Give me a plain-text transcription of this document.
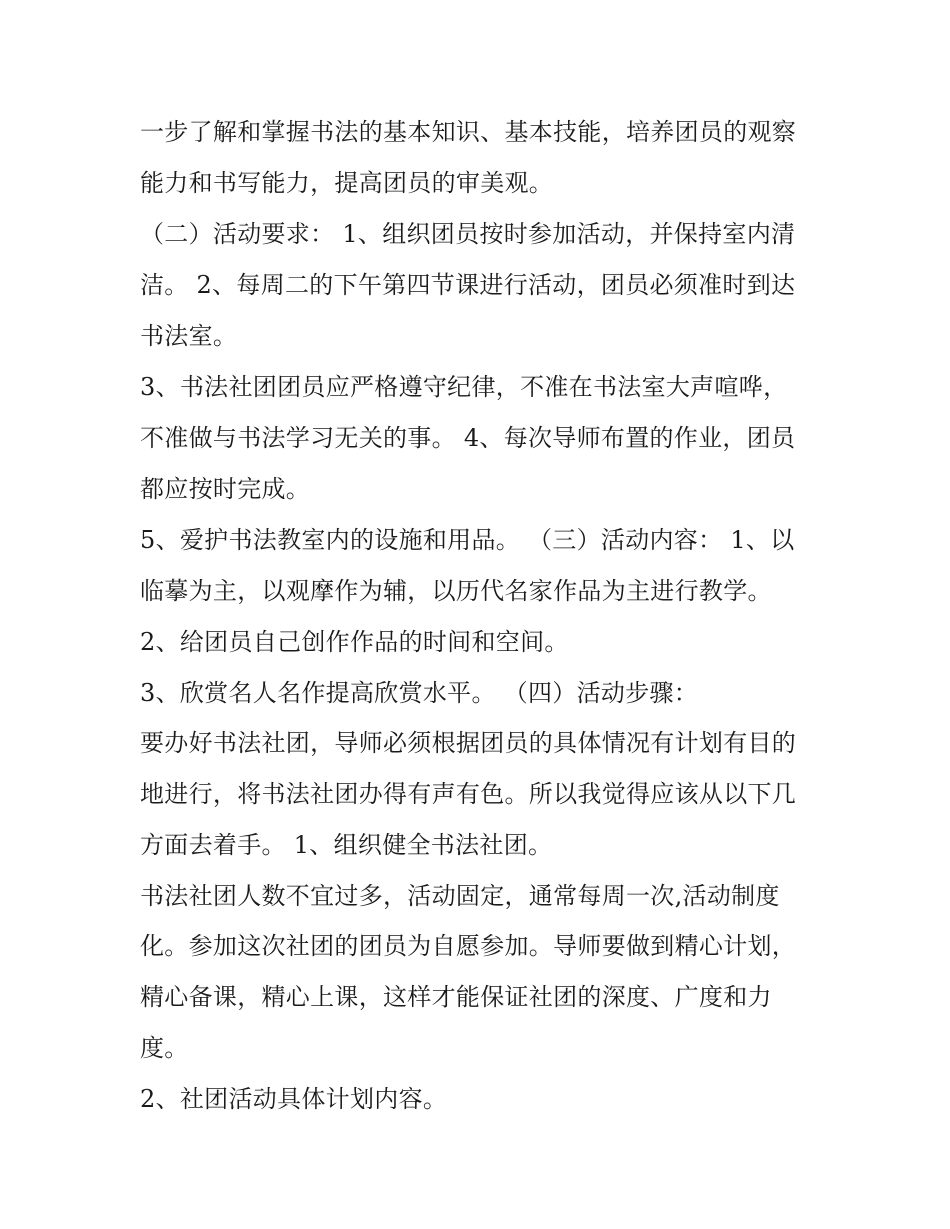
一步了解和掌握书法的基本知识、基本技能，培养团员的观察
能力和书写能力，提高团员的审美观。
（二）活动要求： 1、组织团员按时参加活动，并保持室内清
洁。 2、每周二的下午第四节课进行活动，团员必须准时到达
书法室。
3、书法社团团员应严格遵守纪律，不准在书法室大声喧哗，
不准做与书法学习无关的事。 4、每次导师布置的作业，团员
都应按时完成。
5、爱护书法教室内的设施和用品。 （三）活动内容： 1、以
临摹为主，以观摩作为辅，以历代名家作品为主进行教学。
2、给团员自己创作作品的时间和空间。
3、欣赏名人名作提高欣赏水平。 （四）活动步骤：
要办好书法社团，导师必须根据团员的具体情况有计划有目的
地进行，将书法社团办得有声有色。所以我觉得应该从以下几
方面去着手。 1、组织健全书法社团。
书法社团人数不宜过多，活动固定，通常每周一次,活动制度
化。参加这次社团的团员为自愿参加。导师要做到精心计划，
精心备课，精心上课，这样才能保证社团的深度、广度和力
度。
2、社团活动具体计划内容。
